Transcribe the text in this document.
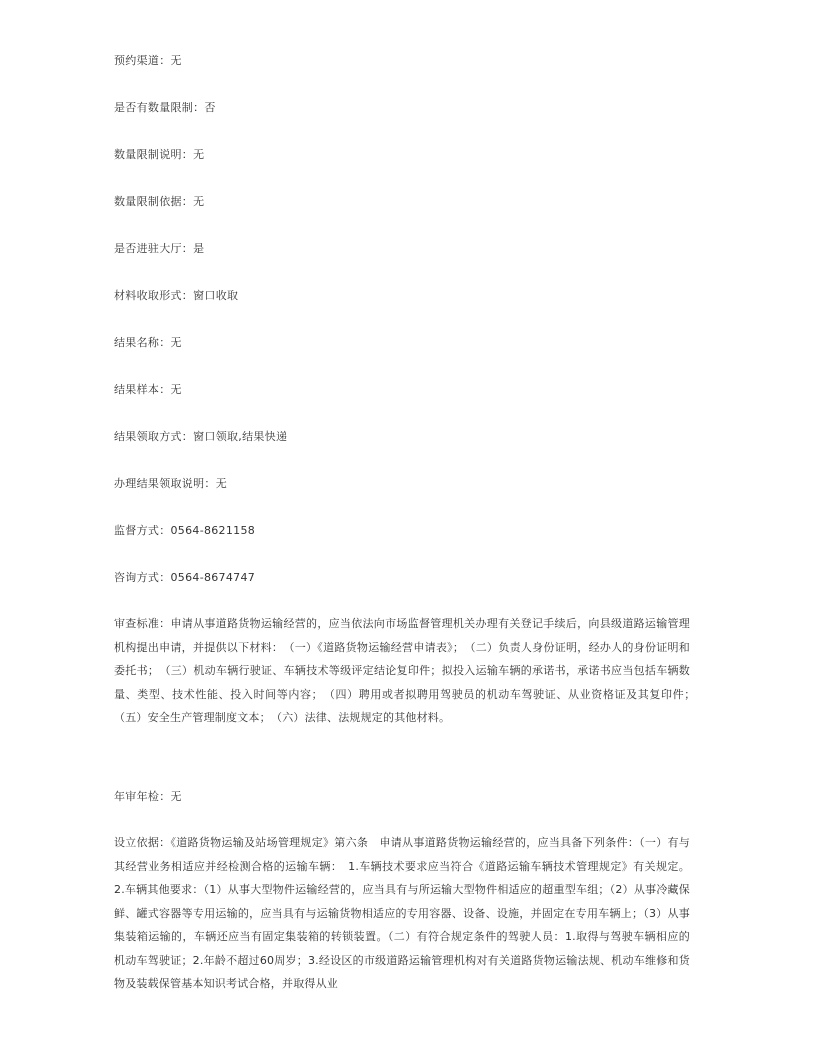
预约渠道：无
是否有数量限制：否
数量限制说明：无
数量限制依据：无
是否进驻大厅：是
材料收取形式：窗口收取
结果名称：无
结果样本：无
结果领取方式：窗口领取,结果快递
办理结果领取说明：无
监督方式：0564-8621158
咨询方式：0564-8674747
审查标准：申请从事道路货物运输经营的，应当依法向市场监督管理机关办理有关登记手续后，向县级道路运输管理机构提出申请，并提供以下材料：　（一）《道路货物运输经营申请表》；　（二）负责人身份证明，经办人的身份证明和委托书；　（三）机动车辆行驶证、车辆技术等级评定结论复印件；拟投入运输车辆的承诺书，承诺书应当包括车辆数量、类型、技术性能、投入时间等内容；　（四）聘用或者拟聘用驾驶员的机动车驾驶证、从业资格证及其复印件；　（五）安全生产管理制度文本；　（六）法律、法规规定的其他材料。
年审年检：无
设立依据：《道路货物运输及站场管理规定》第六条　申请从事道路货物运输经营的，应当具备下列条件：（一）有与其经营业务相适应并经检测合格的运输车辆：　1.车辆技术要求应当符合《道路运输车辆技术管理规定》有关规定。 2.车辆其他要求：（1）从事大型物件运输经营的，应当具有与所运输大型物件相适应的超重型车组；（2）从事冷藏保鲜、罐式容器等专用运输的，应当具有与运输货物相适应的专用容器、设备、设施，并固定在专用车辆上；（3）从事集装箱运输的，车辆还应当有固定集装箱的转锁装置。（二）有符合规定条件的驾驶人员：1.取得与驾驶车辆相应的机动车驾驶证；2.年龄不超过60周岁；3.经设区的市级道路运输管理机构对有关道路货物运输法规、机动车维修和货物及装载保管基本知识考试合格，并取得从业
